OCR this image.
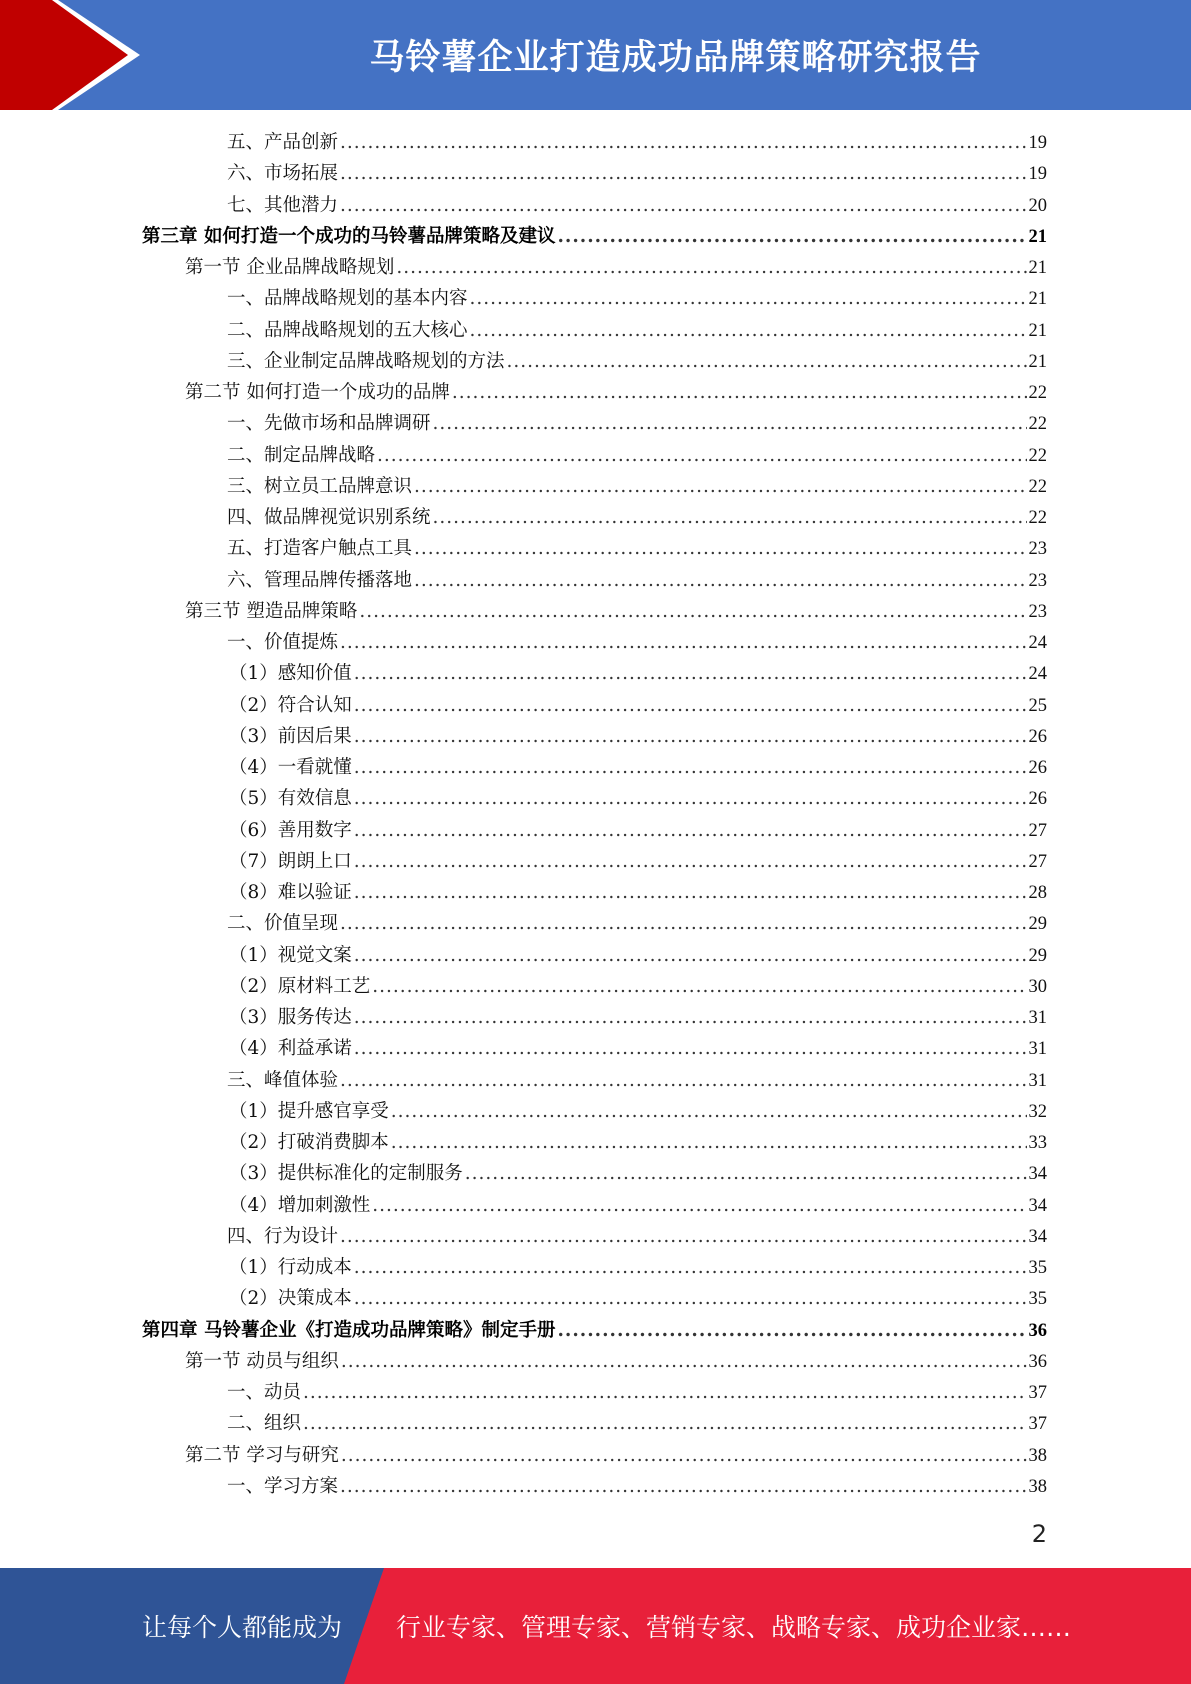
马铃薯企业打造成功品牌策略研究报告
五、产品创新 .....	19
六、市场拓展 .....	19
七、其他潜力 .....	20
第三章 如何打造一个成功的马铃薯品牌策略及建议 .....	21
第一节 企业品牌战略规划 .....	21
一、品牌战略规划的基本内容 .....	21
二、品牌战略规划的五大核心 .....	21
三、企业制定品牌战略规划的方法 .....	21
第二节 如何打造一个成功的品牌 .....	22
一、先做市场和品牌调研 .....	22
二、制定品牌战略 .....	22
三、树立员工品牌意识 .....	22
四、做品牌视觉识别系统 .....	22
五、打造客户触点工具 .....	23
六、管理品牌传播落地 .....	23
第三节 塑造品牌策略 .....	23
一、价值提炼 .....	24
（1）感知价值 .....	24
（2）符合认知 .....	25
（3）前因后果 .....	26
（4）一看就懂 .....	26
（5）有效信息 .....	26
（6）善用数字 .....	27
（7）朗朗上口 .....	27
（8）难以验证 .....	28
二、价值呈现 .....	29
（1）视觉文案 .....	29
（2）原材料工艺 .....	30
（3）服务传达 .....	31
（4）利益承诺 .....	31
三、峰值体验 .....	31
（1）提升感官享受 .....	32
（2）打破消费脚本 .....	33
（3）提供标准化的定制服务 .....	34
（4）增加刺激性 .....	34
四、行为设计 .....	34
（1）行动成本 .....	35
（2）决策成本 .....	35
第四章 马铃薯企业《打造成功品牌策略》制定手册 .....	36
第一节 动员与组织 .....	36
一、动员 .....	37
二、组织 .....	37
第二节 学习与研究 .....	38
一、学习方案 .....	38
2
让每个人都能成为 行业专家、管理专家、营销专家、战略专家、成功企业家……
